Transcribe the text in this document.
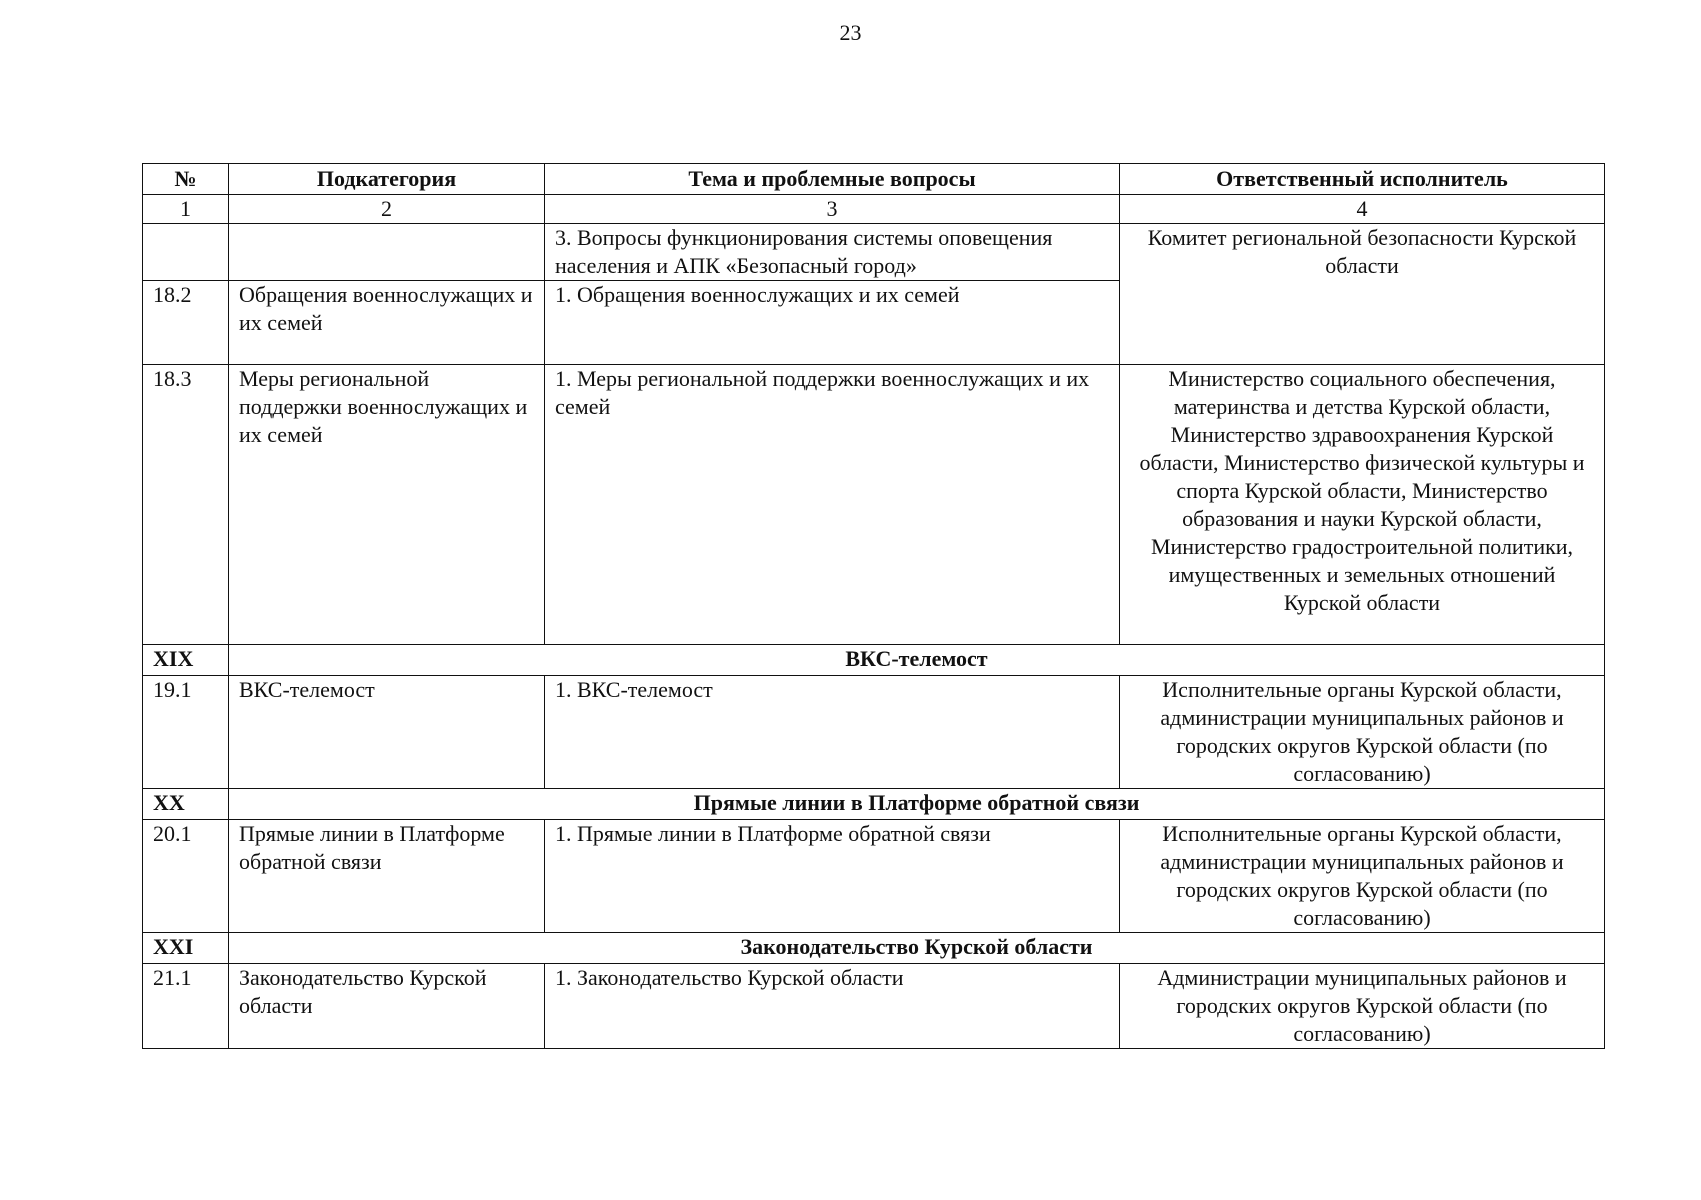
23
№	Подкатегория	Тема и проблемные вопросы	Ответственный исполнитель
1	2	3	4
		3. Вопросы функционирования системы оповещения населения и АПК «Безопасный город»	Комитет региональной безопасности Курской области
18.2	Обращения военнослужащих и их семей	1. Обращения военнослужащих и их семей	
18.3	Меры региональной поддержки военнослужащих и их семей	1. Меры региональной поддержки военнослужащих и их семей	Министерство социального обеспечения, материнства и детства Курской области, Министерство здравоохранения Курской области, Министерство физической культуры и спорта Курской области, Министерство образования и науки Курской области, Министерство градостроительной политики, имущественных и земельных отношений Курской области
XIX	ВКС-телемост		
19.1	ВКС-телемост	1. ВКС-телемост	Исполнительные органы Курской области, администрации муниципальных районов и городских округов Курской области (по согласованию)
XX	Прямые линии в Платформе обратной связи		
20.1	Прямые линии в Платформе обратной связи	1. Прямые линии в Платформе обратной связи	Исполнительные органы Курской области, администрации муниципальных районов и городских округов Курской области (по согласованию)
XXI	Законодательство Курской области		
21.1	Законодательство Курской области	1. Законодательство Курской области	Администрации муниципальных районов и городских округов Курской области (по согласованию)
